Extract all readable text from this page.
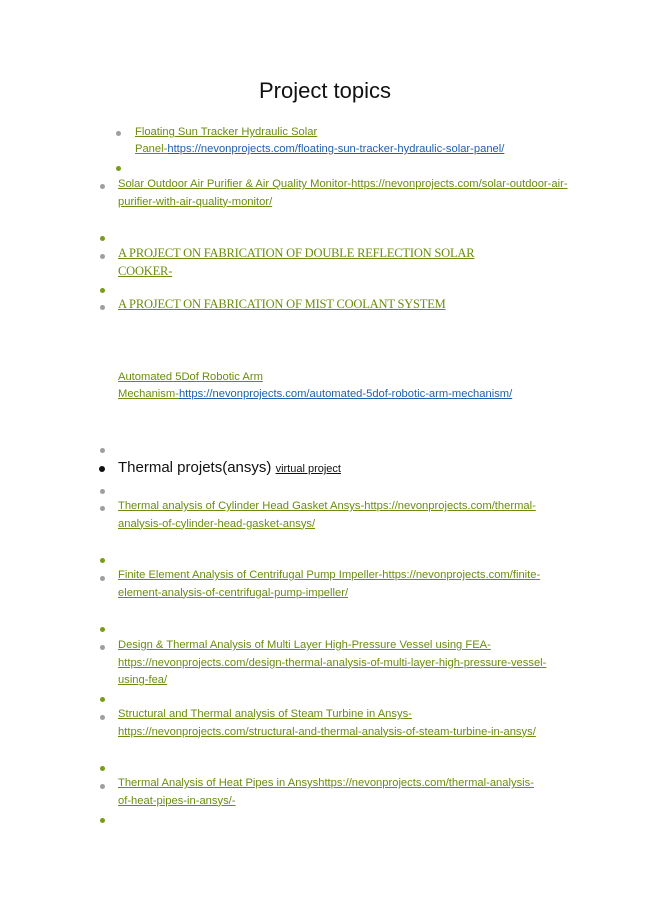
Project topics
Floating Sun Tracker Hydraulic Solar

Panel-https://nevonprojects.com/floating-sun-tracker-hydraulic-solar-panel/
Solar Outdoor Air Purifier & Air Quality Monitor-https://nevonprojects.com/solar-outdoor-air-purifier-with-air-quality-monitor/
A PROJECT ON FABRICATION OF DOUBLE REFLECTION SOLAR COOKER-
A PROJECT ON FABRICATION OF MIST COOLANT SYSTEM
Automated 5Dof Robotic Arm
Mechanism-https://nevonprojects.com/automated-5dof-robotic-arm-mechanism/
Thermal projets(ansys) virtual project
Thermal analysis of Cylinder Head Gasket Ansys-https://nevonprojects.com/thermal-analysis-of-cylinder-head-gasket-ansys/
Finite Element Analysis of Centrifugal Pump Impeller-https://nevonprojects.com/finite-element-analysis-of-centrifugal-pump-impeller/
Design & Thermal Analysis of Multi Layer High-Pressure Vessel using FEA-https://nevonprojects.com/design-thermal-analysis-of-multi-layer-high-pressure-vessel-using-fea/
Structural and Thermal analysis of Steam Turbine in Ansys-https://nevonprojects.com/structural-and-thermal-analysis-of-steam-turbine-in-ansys/
Thermal Analysis of Heat Pipes in Ansyshttps://nevonprojects.com/thermal-analysis-of-heat-pipes-in-ansys/-
